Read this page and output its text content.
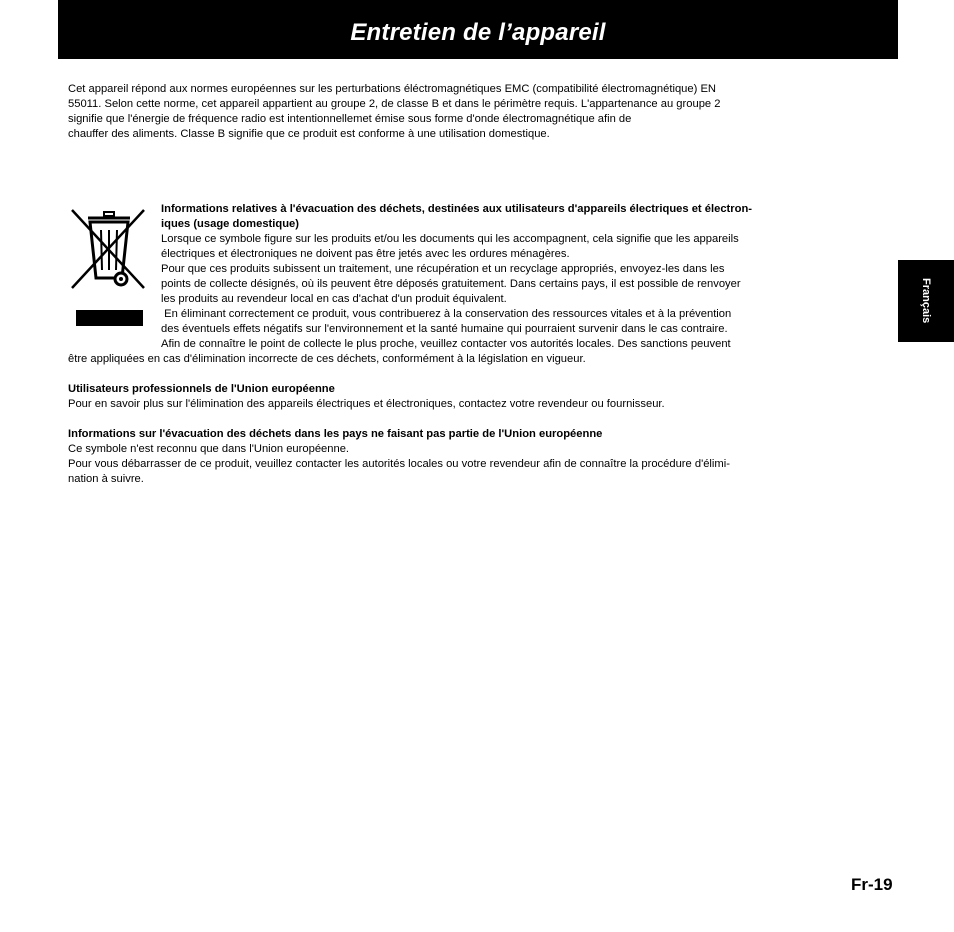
Entretien de l’appareil
Cet appareil répond aux normes européennes sur les perturbations éléctromagnétiques EMC (compatibilité électromagnétique) EN
55011. Selon cette norme, cet appareil appartient au groupe 2, de classe B et dans le périmètre requis. L'appartenance au groupe 2
signifie que l'énergie de fréquence radio est intentionnellemet émise sous forme d'onde électromagnétique afin de
chauffer des aliments. Classe B signifie que ce produit est conforme à une utilisation domestique.
Informations relatives à l'évacuation des déchets, destinées aux utilisateurs d'appareils électriques et électron-
iques (usage domestique)
Lorsque ce symbole figure sur les produits et/ou les documents qui les accompagnent, cela signifie que les appareils
électriques et électroniques ne doivent pas être jetés avec les ordures ménagères.
Pour que ces produits subissent un traitement, une récupération et un recyclage appropriés, envoyez-les dans les
points de collecte désignés, où ils peuvent être déposés gratuitement. Dans certains pays, il est possible de renvoyer
les produits au revendeur local en cas d'achat d'un produit équivalent.
En éliminant correctement ce produit, vous contribuerez à la conservation des ressources vitales et à la prévention
des éventuels effets négatifs sur l'environnement et la santé humaine qui pourraient survenir dans le cas contraire.
Afin de connaître le point de collecte le plus proche, veuillez contacter vos autorités locales. Des sanctions peuvent
être appliquées en cas d'élimination incorrecte de ces déchets, conformément à la législation en vigueur.
Utilisateurs professionnels de l'Union européenne
Pour en savoir plus sur l'élimination des appareils électriques et électroniques, contactez votre revendeur ou fournisseur.
Informations sur l'évacuation des déchets dans les pays ne faisant pas partie de l'Union européenne
Ce symbole n'est reconnu que dans l'Union européenne.
Pour vous débarrasser de ce produit, veuillez contacter les autorités locales ou votre revendeur afin de connaître la procédure d'élimi-
nation à suivre.
Français
Fr-19
